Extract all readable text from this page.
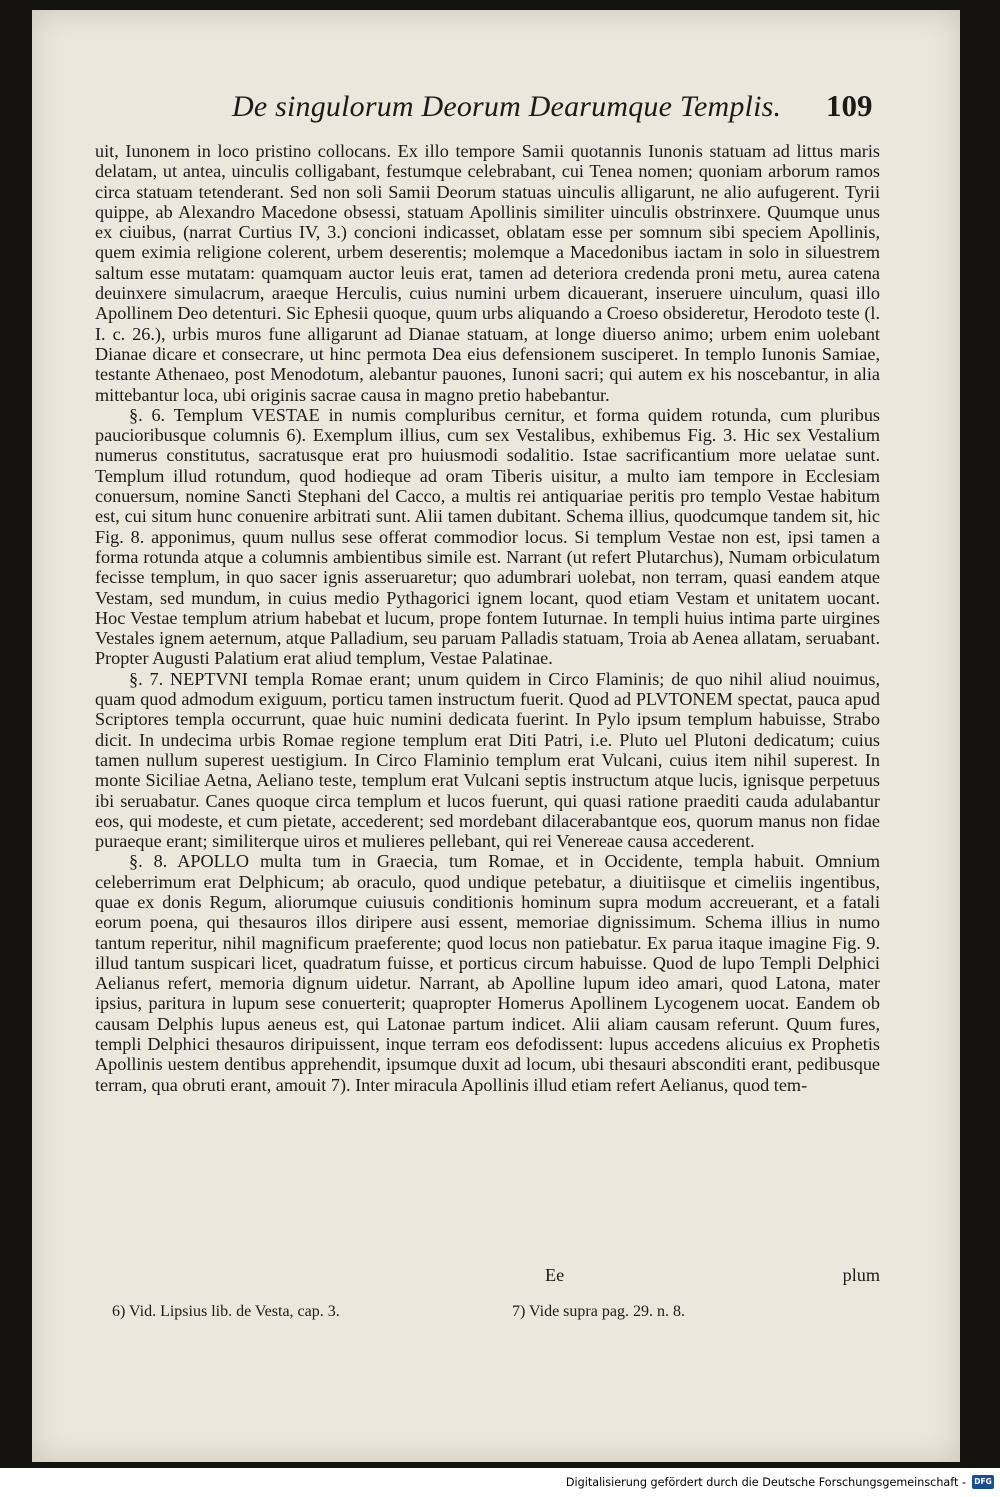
De singulorum Deorum Dearumque Templis. 109

uit, Iunonem in loco pristino collocans. Ex illo tempore Samii quotannis Iunonis statuam ad littus maris delatam, ut antea, uinculis colligabant, festumque celebrabant, cui Tenea nomen; quoniam arborum ramos circa statuam tetenderant. Sed non soli Samii Deorum statuas uinculis alligarunt, ne alio aufugerent. Tyrii quippe, ab Alexandro Macedone obsessi, statuam Apollinis similiter uinculis obstrinxere. Quumque unus ex ciuibus, (narrat Curtius IV, 3.) concioni indicasset, oblatam esse per somnum sibi speciem Apollinis, quem eximia religione colerent, urbem deserentis; molemque a Macedonibus iactam in solo in siluestrem saltum esse mutatam: quamquam auctor leuis erat, tamen ad deteriora credenda proni metu, aurea catena deuinxere simulacrum, araeque Herculis, cuius numini urbem dicauerant, inseruere uinculum, quasi illo Apollinem Deo detenturi. Sic Ephesii quoque, quum urbs aliquando a Croeso obsideretur, Herodoto teste (l. I. c. 26.), urbis muros fune alligarunt ad Dianae statuam, at longe diuerso animo; urbem enim uolebant Dianae dicare et consecrare, ut hinc permota Dea eius defensionem susciperet. In templo Iunonis Samiae, testante Athenaeo, post Menodotum, alebantur pauones, Iunoni sacri; qui autem ex his noscebantur, in alia mittebantur loca, ubi originis sacrae causa in magno pretio habebantur.

§. 6. Templum VESTAE in numis compluribus cernitur, et forma quidem rotunda, cum pluribus paucioribusque columnis 6). Exemplum illius, cum sex Vestalibus, exhibemus Fig. 3. Hic sex Vestalium numerus constitutus, sacratusque erat pro huiusmodi sodalitio. Istae sacrificantium more uelatae sunt. Templum illud rotundum, quod hodieque ad oram Tiberis uisitur, a multo iam tempore in Ecclesiam conuersum, nomine Sancti Stephani del Cacco, a multis rei antiquariae peritis pro templo Vestae habitum est, cui situm hunc conuenire arbitrati sunt. Alii tamen dubitant. Schema illius, quodcumque tandem sit, hic Fig. 8. apponimus, quum nullus sese offerat commodior locus. Si templum Vestae non est, ipsi tamen a forma rotunda atque a columnis ambientibus simile est. Narrant (ut refert Plutarchus), Numam orbiculatum fecisse templum, in quo sacer ignis asseruaretur; quo adumbrari uolebat, non terram, quasi eandem atque Vestam, sed mundum, in cuius medio Pythagorici ignem locant, quod etiam Vestam et unitatem uocant. Hoc Vestae templum atrium habebat et lucum, prope fontem Iuturnae. In templi huius intima parte uirgines Vestales ignem aeternum, atque Palladium, seu paruam Palladis statuam, Troia ab Aenea allatam, seruabant. Propter Augusti Palatium erat aliud templum, Vestae Palatinae.

§. 7. NEPTVNI templa Romae erant; unum quidem in Circo Flaminis; de quo nihil aliud nouimus, quam quod admodum exiguum, porticu tamen instructum fuerit. Quod ad PLVTONEM spectat, pauca apud Scriptores templa occurrunt, quae huic numini dedicata fuerint. In Pylo ipsum templum habuisse, Strabo dicit. In undecima urbis Romae regione templum erat Diti Patri, i.e. Pluto uel Plutoni dedicatum; cuius tamen nullum superest uestigium. In Circo Flaminio templum erat Vulcani, cuius item nihil superest. In monte Siciliae Aetna, Aeliano teste, templum erat Vulcani septis instructum atque lucis, ignisque perpetuus ibi seruabatur. Canes quoque circa templum et lucos fuerunt, qui quasi ratione praediti cauda adulabantur eos, qui modeste, et cum pietate, accederent; sed mordebant dilacerabantque eos, quorum manus non fidae puraeque erant; similiterque uiros et mulieres pellebant, qui rei Venereae causa accederent.

§. 8. APOLLO multa tum in Graecia, tum Romae, et in Occidente, templa habuit. Omnium celeberrimum erat Delphicum; ab oraculo, quod undique petebatur, a diuitiisque et cimeliis ingentibus, quae ex donis Regum, aliorumque cuiusuis conditionis hominum supra modum accreuerant, et a fatali eorum poena, qui thesauros illos diripere ausi essent, memoriae dignissimum. Schema illius in numo tantum reperitur, nihil magnificum praeferente; quod locus non patiebatur. Ex parua itaque imagine Fig. 9. illud tantum suspicari licet, quadratum fuisse, et porticus circum habuisse. Quod de lupo Templi Delphici Aelianus refert, memoria dignum uidetur. Narrant, ab Apolline lupum ideo amari, quod Latona, mater ipsius, paritura in lupum sese conuerterit; quapropter Homerus Apollinem Lycogenem uocat. Eandem ob causam Delphis lupus aeneus est, qui Latonae partum indicet. Alii aliam causam referunt. Quum fures, templi Delphici thesauros diripuissent, inque terram eos defodissent: lupus accedens alicuius ex Prophetis Apollinis uestem dentibus apprehendit, ipsumque duxit ad locum, ubi thesauri absconditi erant, pedibusque terram, qua obruti erant, amouit 7). Inter miracula Apollinis illud etiam refert Aelianus, quod tem-

Ee	plum
6) Vid. Lipsius lib. de Vesta, cap. 3.	7) Vide supra pag. 29. n. 8.
Digitalisierung gefördert durch die Deutsche Forschungsgemeinschaft - DFG
